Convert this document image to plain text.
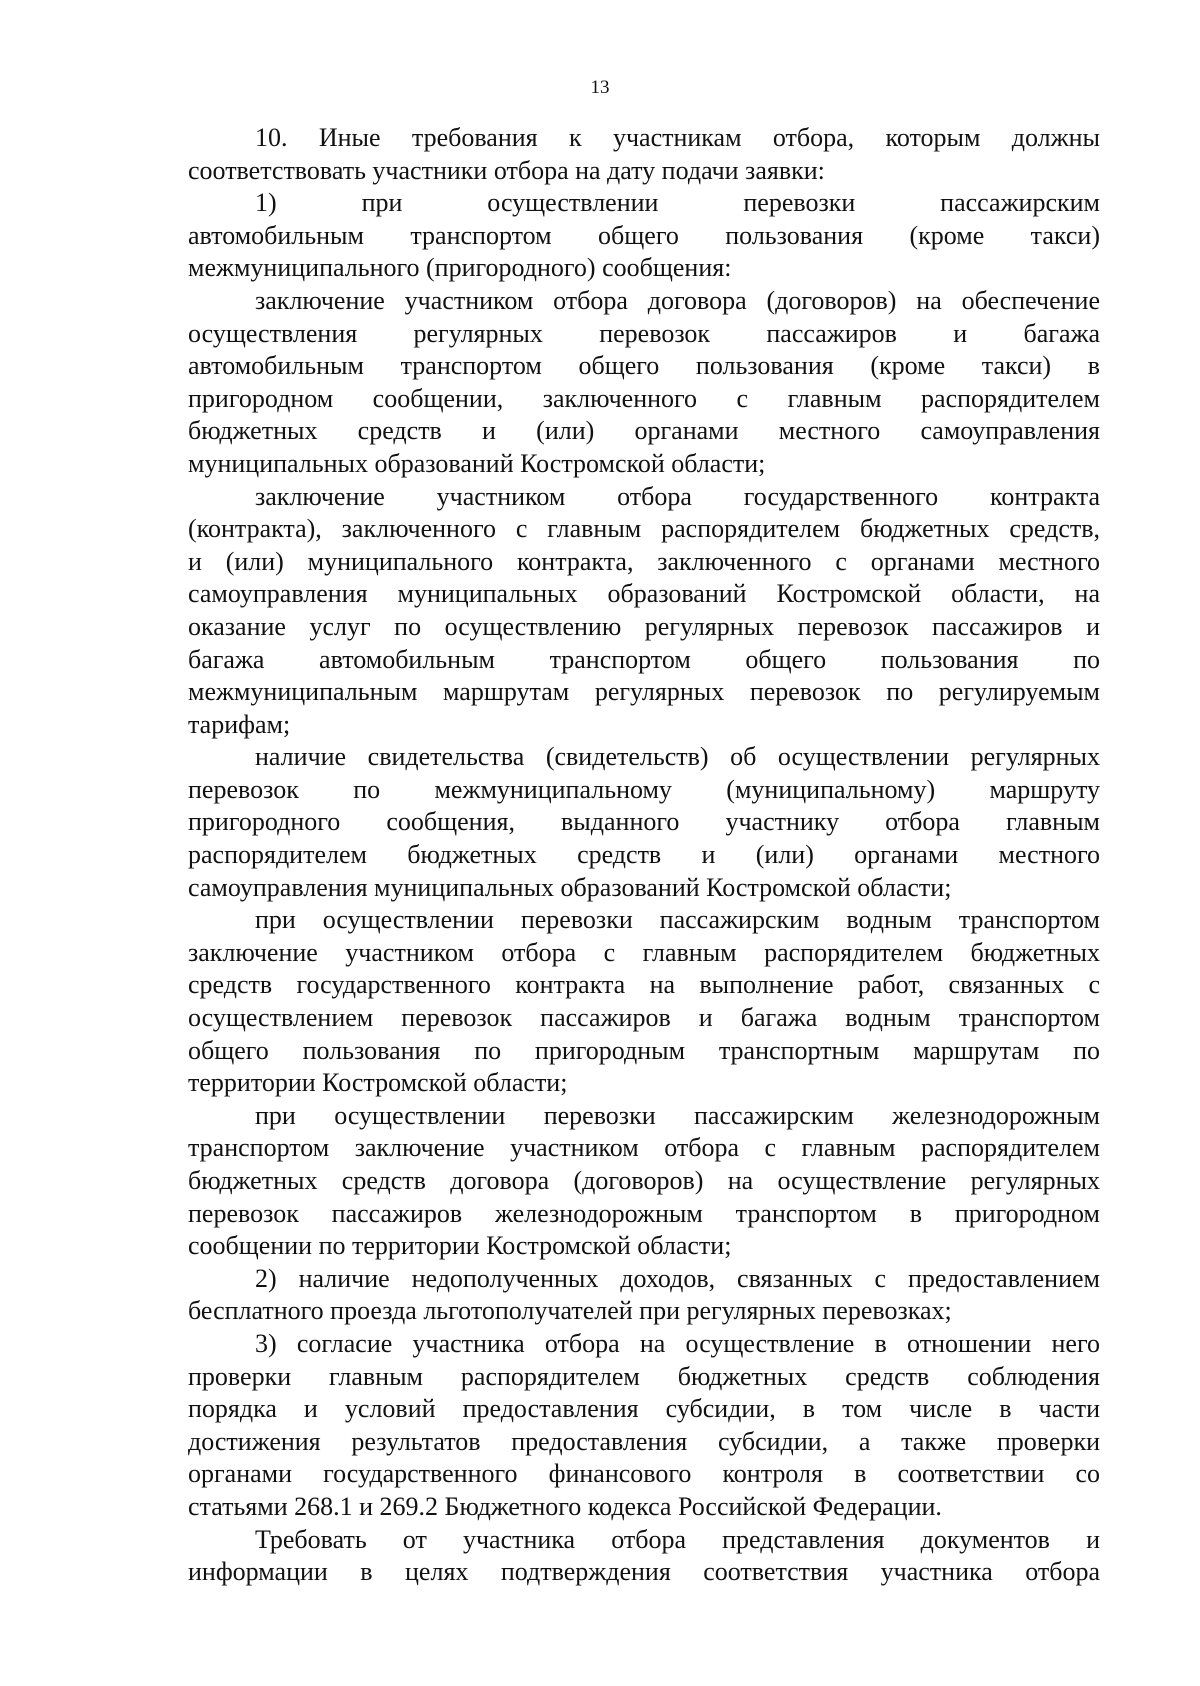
13

10. Иные требования к участникам отбора, которым должны
соответствовать участники отбора на дату подачи заявки:

1) при осуществлении перевозки пассажирским
автомобильным транспортом общего пользования (кроме такси)
межмуниципального (пригородного) сообщения:

заключение участником отбора договора (договоров) на обеспечение
осуществления регулярных перевозок пассажиров и багажа
автомобильным транспортом общего пользования (кроме такси) в
пригородном сообщении, заключенного с главным распорядителем
бюджетных средств и (или) органами местного самоуправления
муниципальных образований Костромской области;

заключение участником отбора государственного контракта
(контракта), заключенного с главным распорядителем бюджетных средств,
и (или) муниципального контракта, заключенного с органами местного
самоуправления муниципальных образований Костромской области, на
оказание услуг по осуществлению регулярных перевозок пассажиров и
багажа автомобильным транспортом общего пользования по
межмуниципальным маршрутам регулярных перевозок по регулируемым
тарифам;

наличие свидетельства (свидетельств) об осуществлении регулярных
перевозок по межмуниципальному (муниципальному) маршруту
пригородного сообщения, выданного участнику отбора главным
распорядителем бюджетных средств и (или) органами местного
самоуправления муниципальных образований Костромской области;

при осуществлении перевозки пассажирским водным транспортом
заключение участником отбора с главным распорядителем бюджетных
средств государственного контракта на выполнение работ, связанных с
осуществлением перевозок пассажиров и багажа водным транспортом
общего пользования по пригородным транспортным маршрутам по
территории Костромской области;

при осуществлении перевозки пассажирским железнодорожным
транспортом заключение участником отбора с главным распорядителем
бюджетных средств договора (договоров) на осуществление регулярных
перевозок пассажиров железнодорожным транспортом в пригородном
сообщении по территории Костромской области;

2) наличие недополученных доходов, связанных с предоставлением
бесплатного проезда льготополучателей при регулярных перевозках;

3) согласие участника отбора на осуществление в отношении него
проверки главным распорядителем бюджетных средств соблюдения
порядка и условий предоставления субсидии, в том числе в части
достижения результатов предоставления субсидии, а также проверки
органами государственного финансового контроля в соответствии со
статьями 268.1 и 269.2 Бюджетного кодекса Российской Федерации.

Требовать от участника отбора представления документов и
информации в целях подтверждения соответствия участника отбора
